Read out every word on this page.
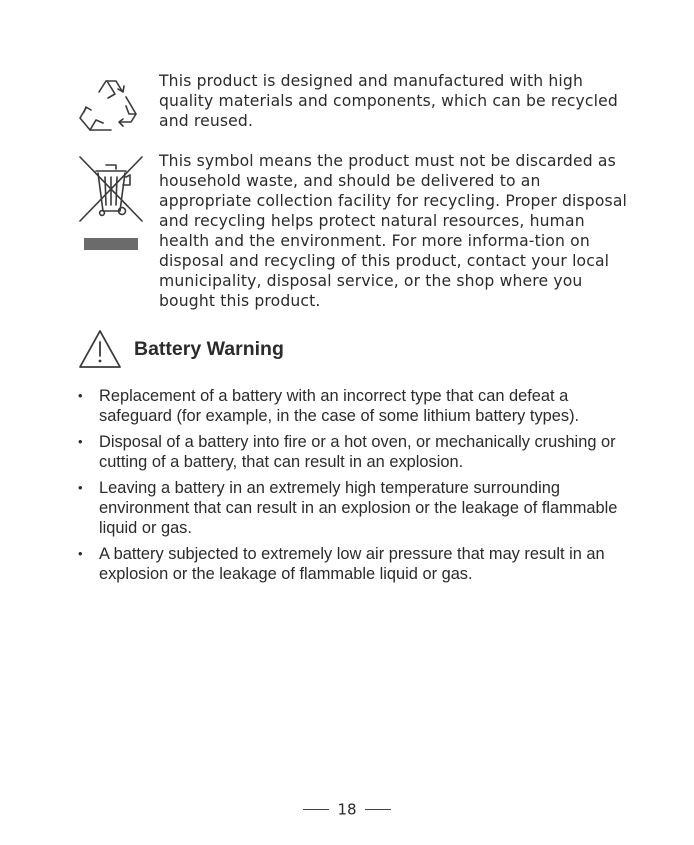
This product is designed and manufactured with high quality materials and components, which can be recycled and reused.

This symbol means the product must not be discarded as household waste, and should be delivered to an appropriate collection facility for recycling. Proper disposal and recycling helps protect natural resources, human health and the environment. For more informa-tion on disposal and recycling of this product, contact your local municipality, disposal service, or the shop where you bought this product.

Battery Warning
• Replacement of a battery with an incorrect type that can defeat a safeguard (for example, in the case of some lithium battery types).
• Disposal of a battery into fire or a hot oven, or mechanically crushing or cutting of a battery, that can result in an explosion.
• Leaving a battery in an extremely high temperature surrounding environment that can result in an explosion or the leakage of flammable liquid or gas.
• A battery subjected to extremely low air pressure that may result in an explosion or the leakage of flammable liquid or gas.
18
